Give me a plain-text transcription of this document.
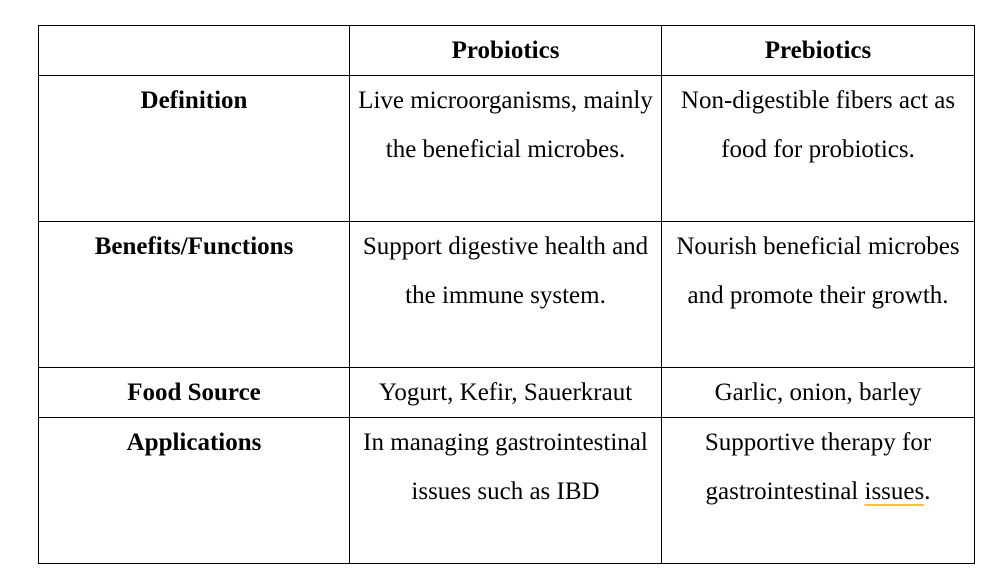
	Probiotics	Prebiotics
Definition	Live microorganisms, mainly the beneficial microbes.	Non-digestible fibers act as food for probiotics.
Benefits/Functions	Support digestive health and the immune system.	Nourish beneficial microbes and promote their growth.
Food Source	Yogurt, Kefir, Sauerkraut	Garlic, onion, barley
Applications	In managing gastrointestinal issues such as IBD	Supportive therapy for gastrointestinal issues.
